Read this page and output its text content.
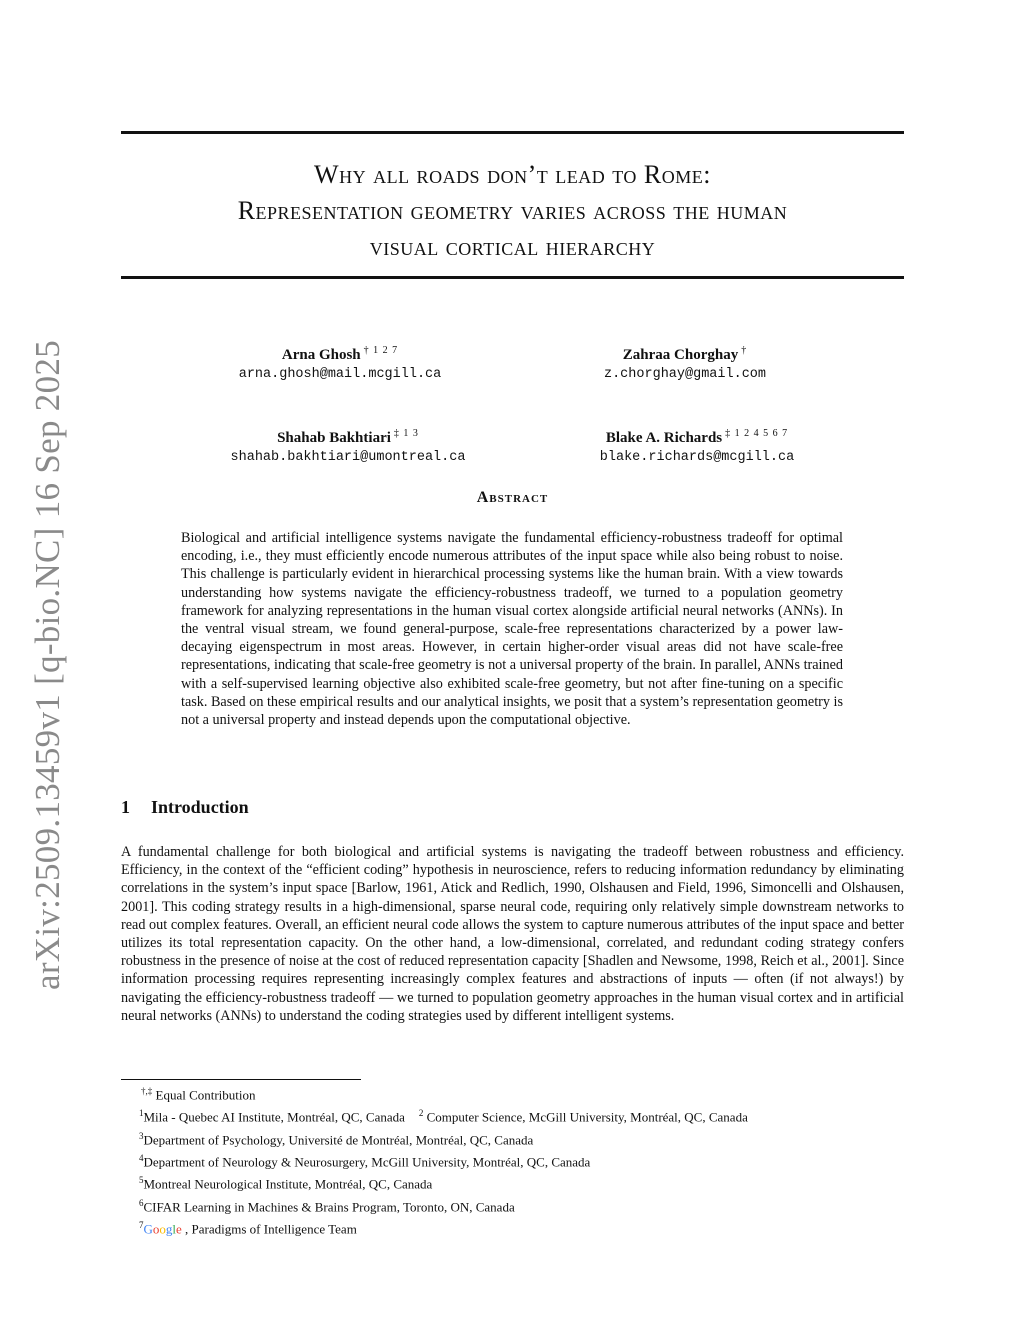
arXiv:2509.13459v1 [q-bio.NC] 16 Sep 2025
Why all roads don’t lead to Rome:
Representation geometry varies across the human
visual cortical hierarchy
Arna Ghosh $^{\dagger 1 2 7}$
arna.ghosh@mail.mcgill.ca
Zahraa Chorghay †
z.chorghay@gmail.com
Shahab Bakhtiari $^{\ddagger 1 3}$
shahab.bakhtiari@umontreal.ca
Blake A. Richards $^{\ddagger 1 2 4 5 6 7}$
blake.richards@mcgill.ca
Abstract
Biological and artificial intelligence systems navigate the fundamental efficiency-robustness tradeoff for optimal encoding, i.e., they must efficiently encode numerous attributes of the input space while also being robust to noise. This challenge is particularly evident in hierarchical processing systems like the human brain. With a view towards understanding how systems navigate the efficiency-robustness tradeoff, we turned to a population geometry framework for analyzing representations in the human visual cortex alongside artificial neural networks (ANNs). In the ventral visual stream, we found general-purpose, scale-free representations characterized by a power law-decaying eigenspectrum in most areas. However, in certain higher-order visual areas did not have scale-free representations, indicating that scale-free geometry is not a universal property of the brain. In parallel, ANNs trained with a self-supervised learning objective also exhibited scale-free geometry, but not after fine-tuning on a specific task. Based on these empirical results and our analytical insights, we posit that a system’s representation geometry is not a universal property and instead depends upon the computational objective.
1 Introduction
A fundamental challenge for both biological and artificial systems is navigating the tradeoff between robustness and efficiency. Efficiency, in the context of the “efficient coding” hypothesis in neuroscience, refers to reducing information redundancy by eliminating correlations in the system’s input space [Barlow, 1961, Atick and Redlich, 1990, Olshausen and Field, 1996, Simoncelli and Olshausen, 2001]. This coding strategy results in a high-dimensional, sparse neural code, requiring only relatively simple downstream networks to read out complex features. Overall, an efficient neural code allows the system to capture numerous attributes of the input space and better utilizes its total representation capacity. On the other hand, a low-dimensional, correlated, and redundant coding strategy confers robustness in the presence of noise at the cost of reduced representation capacity [Shadlen and Newsome, 1998, Reich et al., 2001]. Since information processing requires representing increasingly complex features and abstractions of inputs — often (if not always!) by navigating the efficiency-robustness tradeoff — we turned to population geometry approaches in the human visual cortex and in artificial neural networks (ANNs) to understand the coding strategies used by different intelligent systems.
†,‡ Equal Contribution
$^1$Mila - Quebec AI Institute, Montréal, QC, Canada $^2$ Computer Science, McGill University, Montréal, QC, Canada
$^3$Department of Psychology, Université de Montréal, Montréal, QC, Canada
$^4$Department of Neurology & Neurosurgery, McGill University, Montréal, QC, Canada
$^5$Montreal Neurological Institute, Montréal, QC, Canada
$^6$CIFAR Learning in Machines & Brains Program, Toronto, ON, Canada
$^7$Google , Paradigms of Intelligence Team
